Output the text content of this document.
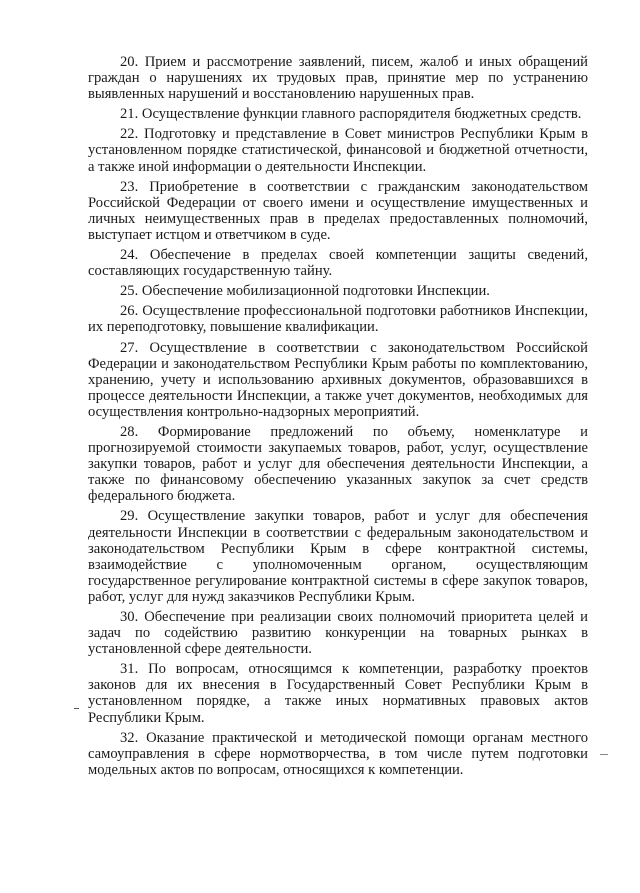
20. Прием и рассмотрение заявлений, писем, жалоб и иных обращений граждан о нарушениях их трудовых прав, принятие мер по устранению выявленных нарушений и восстановлению нарушенных прав.

21. Осуществление функции главного распорядителя бюджетных средств.

22. Подготовку и представление в Совет министров Республики Крым в установленном порядке статистической, финансовой и бюджетной отчетности, а также иной информации о деятельности Инспекции.

23. Приобретение в соответствии с гражданским законодательством Российской Федерации от своего имени и осуществление имущественных и личных неимущественных прав в пределах предоставленных полномочий, выступает истцом и ответчиком в суде.

24. Обеспечение в пределах своей компетенции защиты сведений, составляющих государственную тайну.

25. Обеспечение мобилизационной подготовки Инспекции.

26. Осуществление профессиональной подготовки работников Инспекции, их переподготовку, повышение квалификации.

27. Осуществление в соответствии с законодательством Российской Федерации и законодательством Республики Крым работы по комплектованию, хранению, учету и использованию архивных документов, образовавшихся в процессе деятельности Инспекции, а также учет документов, необходимых для осуществления контрольно-надзорных мероприятий.

28. Формирование предложений по объему, номенклатуре и прогнозируемой стоимости закупаемых товаров, работ, услуг, осуществление закупки товаров, работ и услуг для обеспечения деятельности Инспекции, а также по финансовому обеспечению указанных закупок за счет средств федерального бюджета.

29. Осуществление закупки товаров, работ и услуг для обеспечения деятельности Инспекции в соответствии с федеральным законодательством и законодательством Республики Крым в сфере контрактной системы, взаимодействие с уполномоченным органом, осуществляющим государственное регулирование контрактной системы в сфере закупок товаров, работ, услуг для нужд заказчиков Республики Крым.

30. Обеспечение при реализации своих полномочий приоритета целей и задач по содействию развитию конкуренции на товарных рынках в установленной сфере деятельности.

31. По вопросам, относящимся к компетенции, разработку проектов законов для их внесения в Государственный Совет Республики Крым в установленном порядке, а также иных нормативных правовых актов Республики Крым.

32. Оказание практической и методической помощи органам местного самоуправления в сфере нормотворчества, в том числе путем подготовки модельных актов по вопросам, относящихся к компетенции.
